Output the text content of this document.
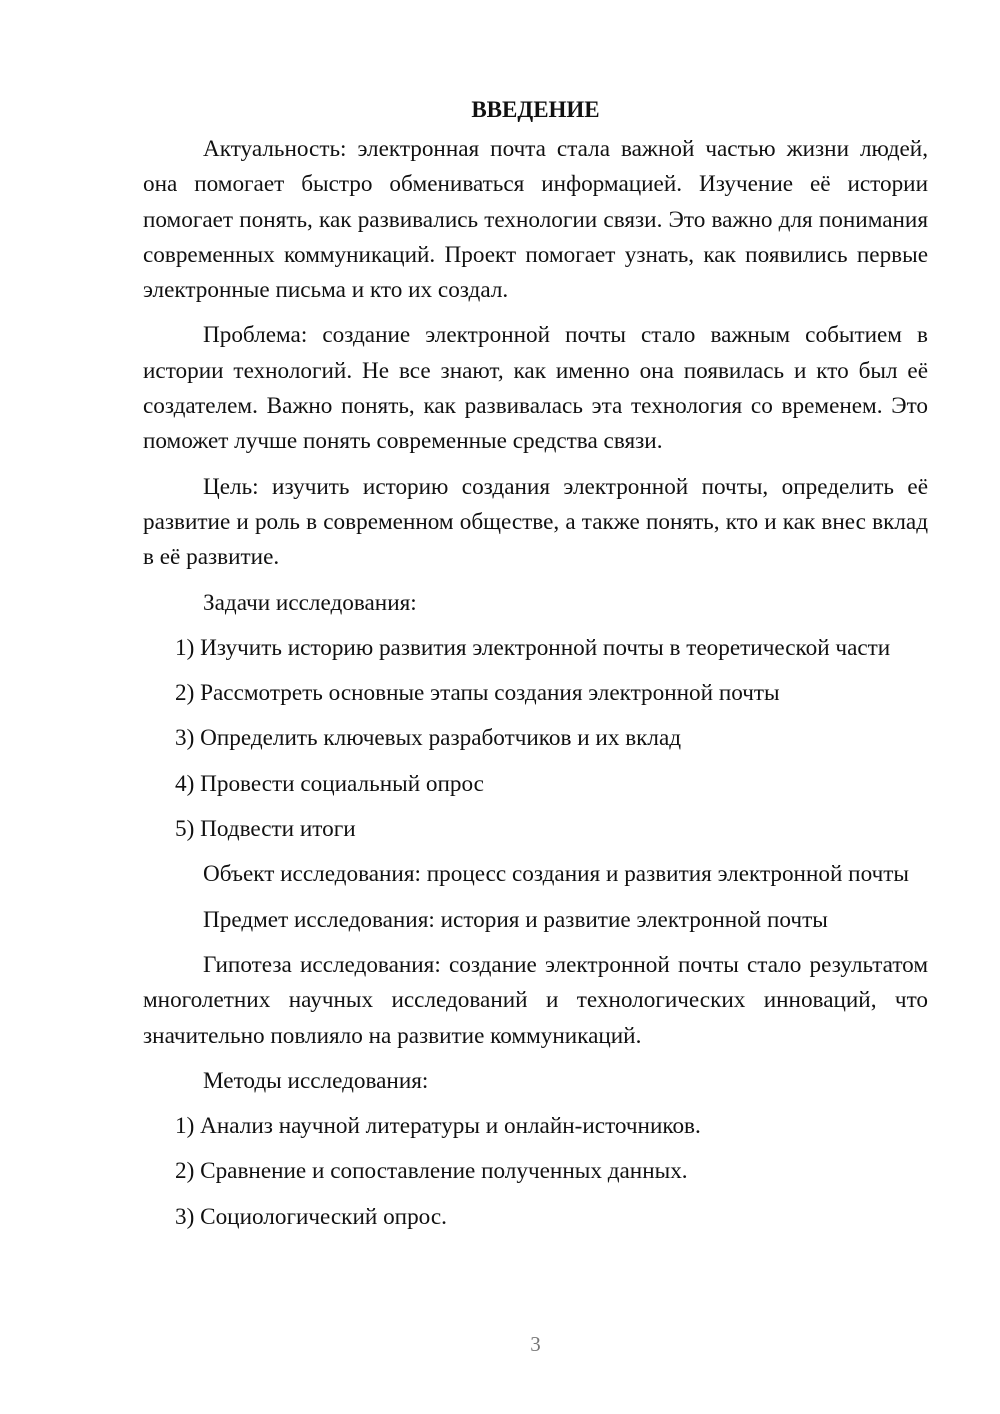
ВВЕДЕНИЕ

Актуальность: электронная почта стала важной частью жизни людей, она помогает быстро обмениваться информацией. Изучение её истории помогает понять, как развивались технологии связи. Это важно для понимания современных коммуникаций. Проект помогает узнать, как появились первые электронные письма и кто их создал.

Проблема: создание электронной почты стало важным событием в истории технологий. Не все знают, как именно она появилась и кто был её создателем. Важно понять, как развивалась эта технология со временем. Это поможет лучше понять современные средства связи.

Цель: изучить историю создания электронной почты, определить её развитие и роль в современном обществе, а также понять, кто и как внес вклад в её развитие.

Задачи исследования:

1) Изучить историю развития электронной почты в теоретической части

2) Рассмотреть основные этапы создания электронной почты

3) Определить ключевых разработчиков и их вклад

4) Провести социальный опрос

5) Подвести итоги

Объект исследования: процесс создания и развития электронной почты

Предмет исследования: история и развитие электронной почты

Гипотеза исследования: создание электронной почты стало результатом многолетних научных исследований и технологических инноваций, что значительно повлияло на развитие коммуникаций.

Методы исследования:

1) Анализ научной литературы и онлайн-источников.

2) Сравнение и сопоставление полученных данных.

3) Социологический опрос.

3
